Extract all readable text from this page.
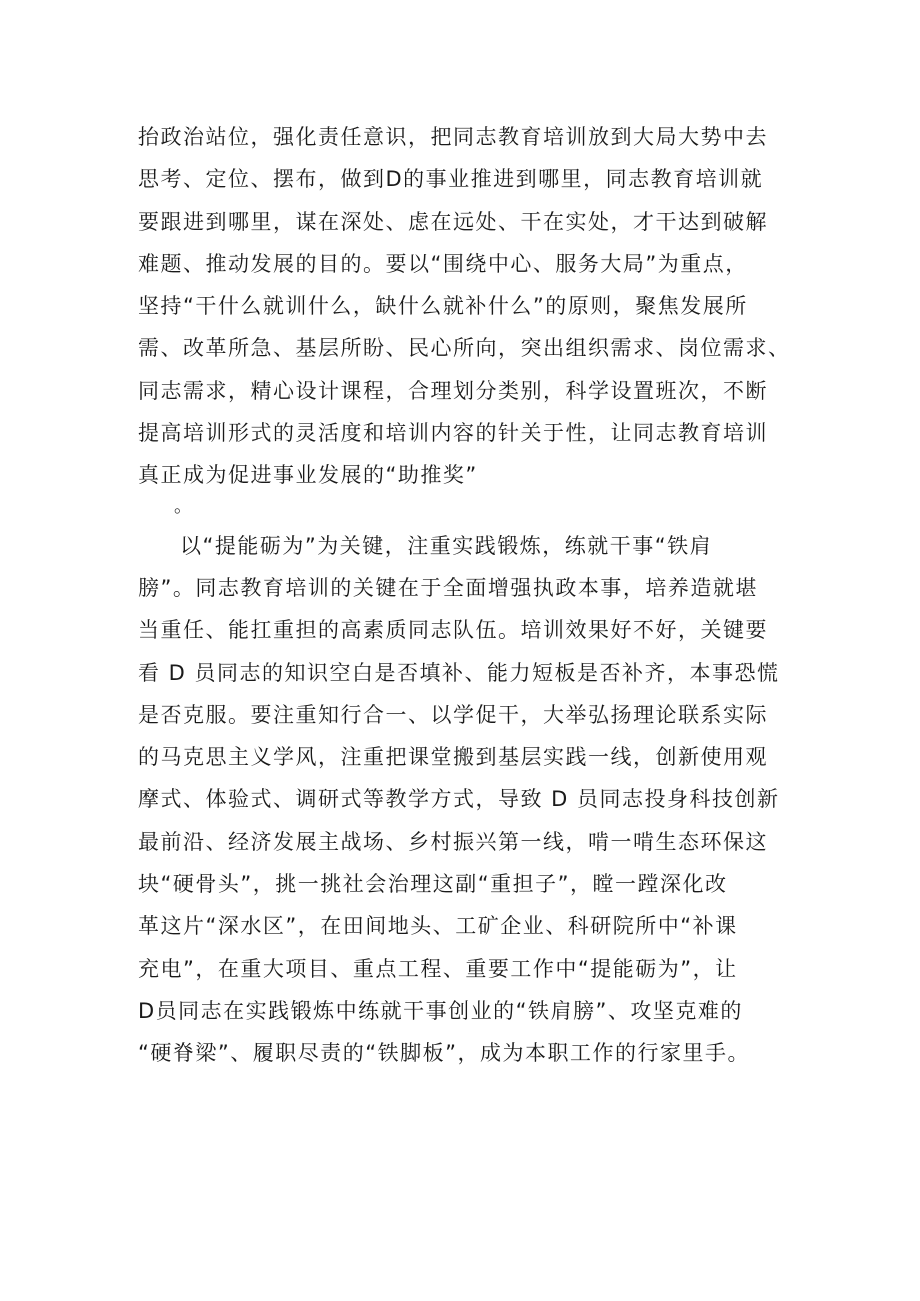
抬政治站位，强化责任意识，把同志教育培训放到大局大势中去
思考、定位、摆布，做到D的事业推进到哪里，同志教育培训就
要跟进到哪里，谋在深处、虑在远处、干在实处，才干达到破解
难题、推动发展的目的。要以“围绕中心、服务大局”为重点，
坚持“干什么就训什么，缺什么就补什么”的原则，聚焦发展所
需、改革所急、基层所盼、民心所向，突出组织需求、岗位需求、
同志需求，精心设计课程，合理划分类别，科学设置班次，不断
提高培训形式的灵活度和培训内容的针关于性，让同志教育培训
真正成为促进事业发展的“助推奖”
。
以“提能砺为”为关键，注重实践锻炼，练就干事“铁肩
膀”。同志教育培训的关键在于全面增强执政本事，培养造就堪
当重任、能扛重担的高素质同志队伍。培训效果好不好，关键要
看 D 员同志的知识空白是否填补、能力短板是否补齐，本事恐慌
是否克服。要注重知行合一、以学促干，大举弘扬理论联系实际
的马克思主义学风，注重把课堂搬到基层实践一线，创新使用观
摩式、体验式、调研式等教学方式，导致 D 员同志投身科技创新
最前沿、经济发展主战场、乡村振兴第一线，啃一啃生态环保这
块“硬骨头”，挑一挑社会治理这副“重担子”，瞠一蹚深化改
革这片“深水区”，在田间地头、工矿企业、科研院所中“补课
充电”，在重大项目、重点工程、重要工作中“提能砺为”，让
D员同志在实践锻炼中练就干事创业的“铁肩膀”、攻坚克难的
“硬脊梁”、履职尽责的“铁脚板”，成为本职工作的行家里手。
